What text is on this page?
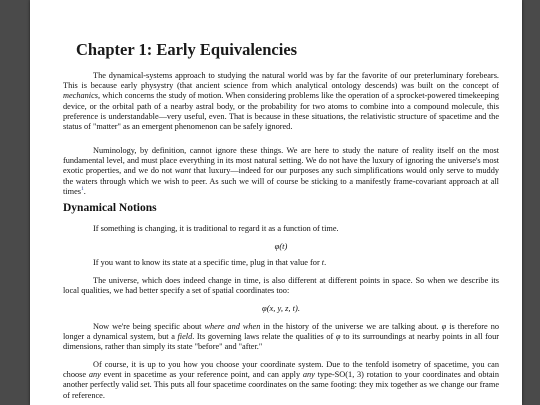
Chapter 1: Early Equivalencies

The dynamical-systems approach to studying the natural world was by far the favorite of our preterluminary forebears. This is because early physystry (that ancient science from which analytical ontology descends) was built on the concept of mechanics, which concerns the study of motion. When considering problems like the operation of a sprocket-powered timekeeping device, or the orbital path of a nearby astral body, or the probability for two atoms to combine into a compound molecule, this preference is understandable—very useful, even. That is because in these situations, the relativistic structure of spacetime and the status of "matter" as an emergent phenomenon can be safely ignored.

Numinology, by definition, cannot ignore these things. We are here to study the nature of reality itself on the most fundamental level, and must place everything in its most natural setting. We do not have the luxury of ignoring the universe's most exotic properties, and we do not want that luxury—indeed for our purposes any such simplifications would only serve to muddy the waters through which we wish to peer. As such we will of course be sticking to a manifestly frame-covariant approach at all times$^1$.

Dynamical Notions

If something is changing, it is traditional to regard it as a function of time.

φ(t)

If you want to know its state at a specific time, plug in that value for t.

The universe, which does indeed change in time, is also different at different points in space. So when we describe its local qualities, we had better specify a set of spatial coordinates too:

φ(x, y, z, t).

Now we're being specific about where and when in the history of the universe we are talking about. φ is therefore no longer a dynamical system, but a field. Its governing laws relate the qualities of φ to its surroundings at nearby points in all four dimensions, rather than simply its state "before" and "after."

Of course, it is up to you how you choose your coordinate system. Due to the tenfold isometry of spacetime, you can choose any event in spacetime as your reference point, and can apply any type-SO(1, 3) rotation to your coordinates and obtain another perfectly valid set. This puts all four spacetime coordinates on the same footing: they mix together as we change our frame of reference.
